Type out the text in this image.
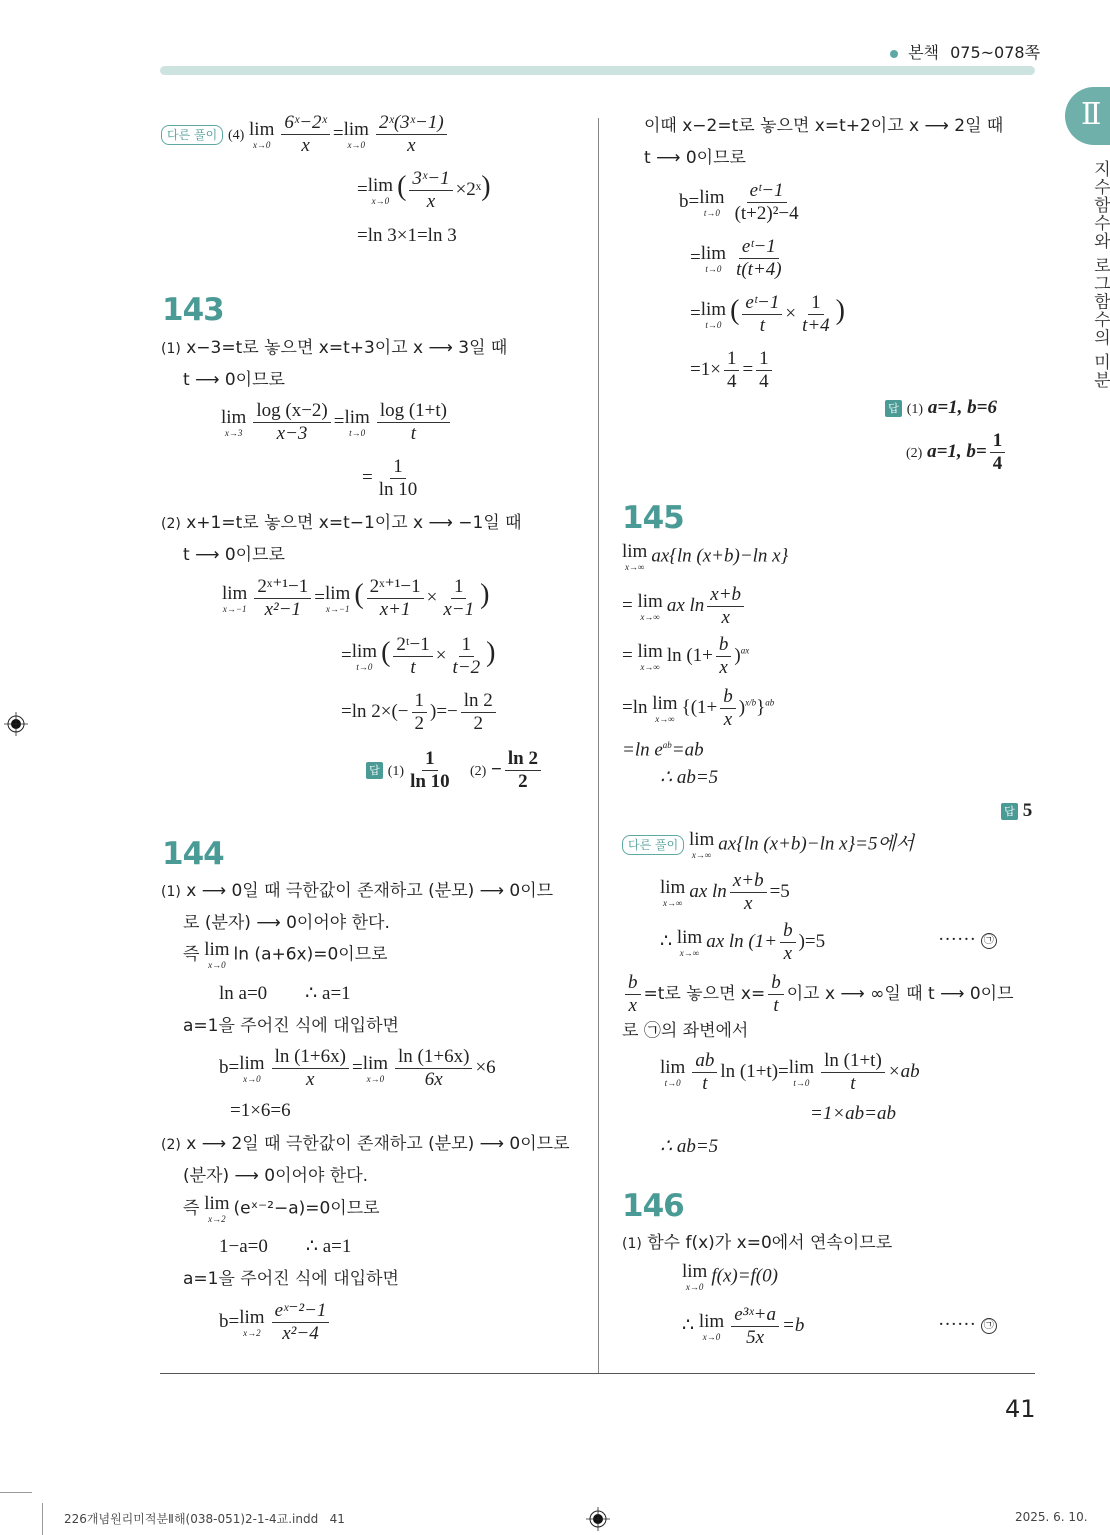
본책 075~078쪽
Ⅱ
지수함수와 로그함수의 미분
다른 풀이 (4) lim
$x\to 0 \frac{\text{6ˣ−2ˣ}}{x} = \lim$
$x\to 0 \frac{\text{2ˣ(3ˣ−1)}}{x}$
= lim
x→0 ( $\frac{\text{3ˣ−1}}{x}$ ×2ˣ)
=ln 3×1=ln 3
143
(1) x−3=t로 놓으면 x=t+3이고 x ⟶ 3일 때
t ⟶ 0이므로
lim
$x\to 3 \frac{\log (x-2)}{x-3} = \lim$
$t\to 0 \frac{\log (1+t)}{t}$
= $\frac{1}{\ln 10}$
(2) x+1=t로 놓으면 x=t−1이고 x ⟶ −1일 때
t ⟶ 0이므로
lim
$x\to-1 \frac{\text{2ˣ⁺¹−1}}{\text{x²−1}} = \lim$
x→−1 ( $\frac{\text{2ˣ⁺¹−1}}{x+1} \times \frac{1}{x-1}$ )
= lim
t→0 ( $\frac{\text{2ᵗ−1}}{t} \times \frac{1}{t-2}$ )
=ln $2\times(- \frac{1}{2}$ )=− $\frac{\ln 2}{2}$
답 $(1) \frac{1}{\ln 10} (2) - \frac{\ln 2}{2}$
144
(1) x ⟶ 0일 때 극한값이 존재하고 (분모) ⟶ 0이므
로 (분자) ⟶ 0이어야 한다.
즉 lim
x→0
ln (a+6x)=0이므로
ln a=0        ∴ a=1
a=1을 주어진 식에 대입하면
b= lim
$x\to 0 \frac{\ln (1+6x)}{x} = \lim$
$x\to 0 \frac{\ln (1+6x)}{6x} \times 6$
=1×6=6
(2) x ⟶ 2일 때 극한값이 존재하고 (분모) ⟶ 0이므로
(분자) ⟶ 0이어야 한다.
즉 lim
x→2
(eˣ⁻²−a)=0이므로
1−a=0        ∴ a=1
a=1을 주어진 식에 대입하면
b= lim
$x\to 2 \frac{\text{eˣ⁻²−1}}{\text{x²−4}}$
이때 x−2=t로 놓으면 x=t+2이고 x ⟶ 2일 때
t ⟶ 0이므로
b= lim
$t\to 0 \frac{\text{eᵗ−1}}{\text{(t+2)²−4}}$
= lim
$t\to 0 \frac{\text{eᵗ−1}}{t(t+4)}$
= lim
t→0 ( $\frac{\text{eᵗ−1}}{t} \times \frac{1}{t+4}$ )
$=1\times \frac{1}{4} = \frac{1}{4}$
답 (1) a=1, b=6
(2) a=1, $b= \frac{1}{4}$
145
lim
x→∞
ax{ln (x+b)−ln x}
= lim
x→∞
ax $\ln \frac{x+b}{x}$
= lim
x→∞
$\ln (1+ \frac{b}{x} )^{ax}$
=ln lim
x→∞
$\{(1+ \frac{b}{x} )^{x/b}\}^{ab}$
=ln $e^{ab}=ab$
∴ ab=5
답 5
다른 풀이 lim
x→∞
ax{ln (x+b)−ln x}=5에서
lim
x→∞
ax $\ln \frac{x+b}{x} =5$
∴ lim
x→∞
ax $\ln (1+ \frac{b}{x} )=5$	······ ㉠
$\frac{b}{x} =t$로 놓으면 $x= \frac{b}{t}$ 이고 x ⟶ ∞일 때 t ⟶ 0이므
로 ㉠의 좌변에서
lim
$t\to 0 \frac{ab}{t}$ ln (1+t)= lim
$t\to 0 \frac{\ln (1+t)}{t} \times ab$
=1×ab=ab
∴ ab=5
146
(1) 함수 f(x)가 x=0에서 연속이므로
lim
x→0
f(x)=f(0)
∴ lim
$x\to 0 \frac{\text{e³ˣ+a}}{5x} =b$	······ ㉠
41
226개념원리미적분Ⅱ해(038-051)2-1-4교.indd   41	2025. 6. 10.
